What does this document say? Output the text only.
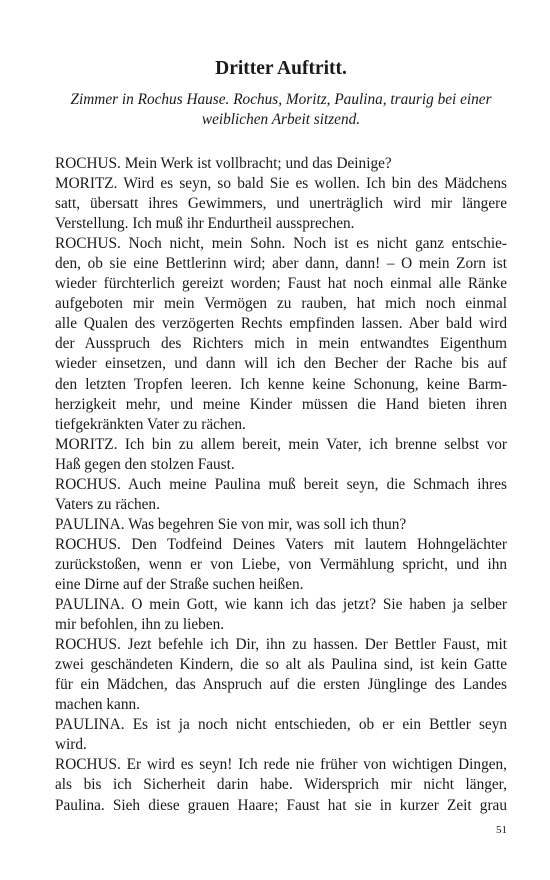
Dritter Auftritt.

Zimmer in Rochus Hause. Rochus, Moritz, Paulina, traurig bei einer
weiblichen Arbeit sitzend.

ROCHUS. Mein Werk ist vollbracht; und das Deinige?
MORITZ. Wird es seyn, so bald Sie es wollen. Ich bin des Mädchens
satt, übersatt ihres Gewimmers, und unerträglich wird mir längere
Verstellung. Ich muß ihr Endurtheil aussprechen.
ROCHUS. Noch nicht, mein Sohn. Noch ist es nicht ganz entschie-
den, ob sie eine Bettlerinn wird; aber dann, dann! – O mein Zorn ist
wieder fürchterlich gereizt worden; Faust hat noch einmal alle Ränke
aufgeboten mir mein Vermögen zu rauben, hat mich noch einmal
alle Qualen des verzögerten Rechts empfinden lassen. Aber bald wird
der Ausspruch des Richters mich in mein entwandtes Eigenthum
wieder einsetzen, und dann will ich den Becher der Rache bis auf
den letzten Tropfen leeren. Ich kenne keine Schonung, keine Barm-
herzigkeit mehr, und meine Kinder müssen die Hand bieten ihren
tiefgekränkten Vater zu rächen.
MORITZ. Ich bin zu allem bereit, mein Vater, ich brenne selbst vor
Haß gegen den stolzen Faust.
ROCHUS. Auch meine Paulina muß bereit seyn, die Schmach ihres
Vaters zu rächen.
PAULINA. Was begehren Sie von mir, was soll ich thun?
ROCHUS. Den Todfeind Deines Vaters mit lautem Hohngelächter
zurückstoßen, wenn er von Liebe, von Vermählung spricht, und ihn
eine Dirne auf der Straße suchen heißen.
PAULINA. O mein Gott, wie kann ich das jetzt? Sie haben ja selber
mir befohlen, ihn zu lieben.
ROCHUS. Jezt befehle ich Dir, ihn zu hassen. Der Bettler Faust, mit
zwei geschändeten Kindern, die so alt als Paulina sind, ist kein Gatte
für ein Mädchen, das Anspruch auf die ersten Jünglinge des Landes
machen kann.
PAULINA. Es ist ja noch nicht entschieden, ob er ein Bettler seyn
wird.
ROCHUS. Er wird es seyn! Ich rede nie früher von wichtigen Dingen,
als bis ich Sicherheit darin habe. Widersprich mir nicht länger,
Paulina. Sieh diese grauen Haare; Faust hat sie in kurzer Zeit grau
51
